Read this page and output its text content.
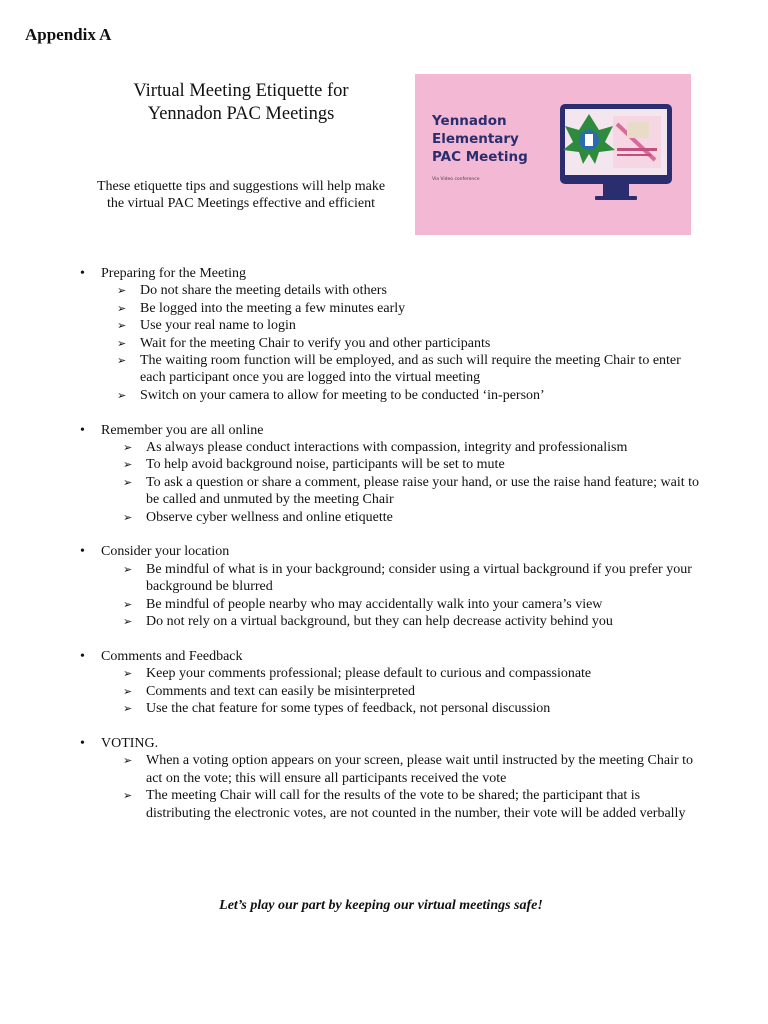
Appendix A
Virtual Meeting Etiquette for
Yennadon PAC Meetings
These etiquette tips and suggestions will help make
the virtual PAC Meetings effective and efficient
Yennadon
Elementary
PAC Meeting
Via Video conference
•	Preparing for the Meeting
➢ Do not share the meeting details with others
➢ Be logged into the meeting a few minutes early
➢ Use your real name to login
➢ Wait for the meeting Chair to verify you and other participants
➢ The waiting room function will be employed, and as such will require the meeting Chair to enter each participant once you are logged into the virtual meeting
➢ Switch on your camera to allow for meeting to be conducted ‘in-person’
•	Remember you are all online
➢ As always please conduct interactions with compassion, integrity and professionalism
➢ To help avoid background noise, participants will be set to mute
➢ To ask a question or share a comment, please raise your hand, or use the raise hand feature; wait to be called and unmuted by the meeting Chair
➢ Observe cyber wellness and online etiquette
•	Consider your location
➢ Be mindful of what is in your background; consider using a virtual background if you prefer your background be blurred
➢ Be mindful of people nearby who may accidentally walk into your camera’s view
➢ Do not rely on a virtual background, but they can help decrease activity behind you
•	Comments and Feedback
➢ Keep your comments professional; please default to curious and compassionate
➢ Comments and text can easily be misinterpreted
➢ Use the chat feature for some types of feedback, not personal discussion
•	VOTING.
➢ When a voting option appears on your screen, please wait until instructed by the meeting Chair to act on the vote; this will ensure all participants received the vote
➢ The meeting Chair will call for the results of the vote to be shared; the participant that is distributing the electronic votes, are not counted in the number, their vote will be added verbally
Let’s play our part by keeping our virtual meetings safe!
